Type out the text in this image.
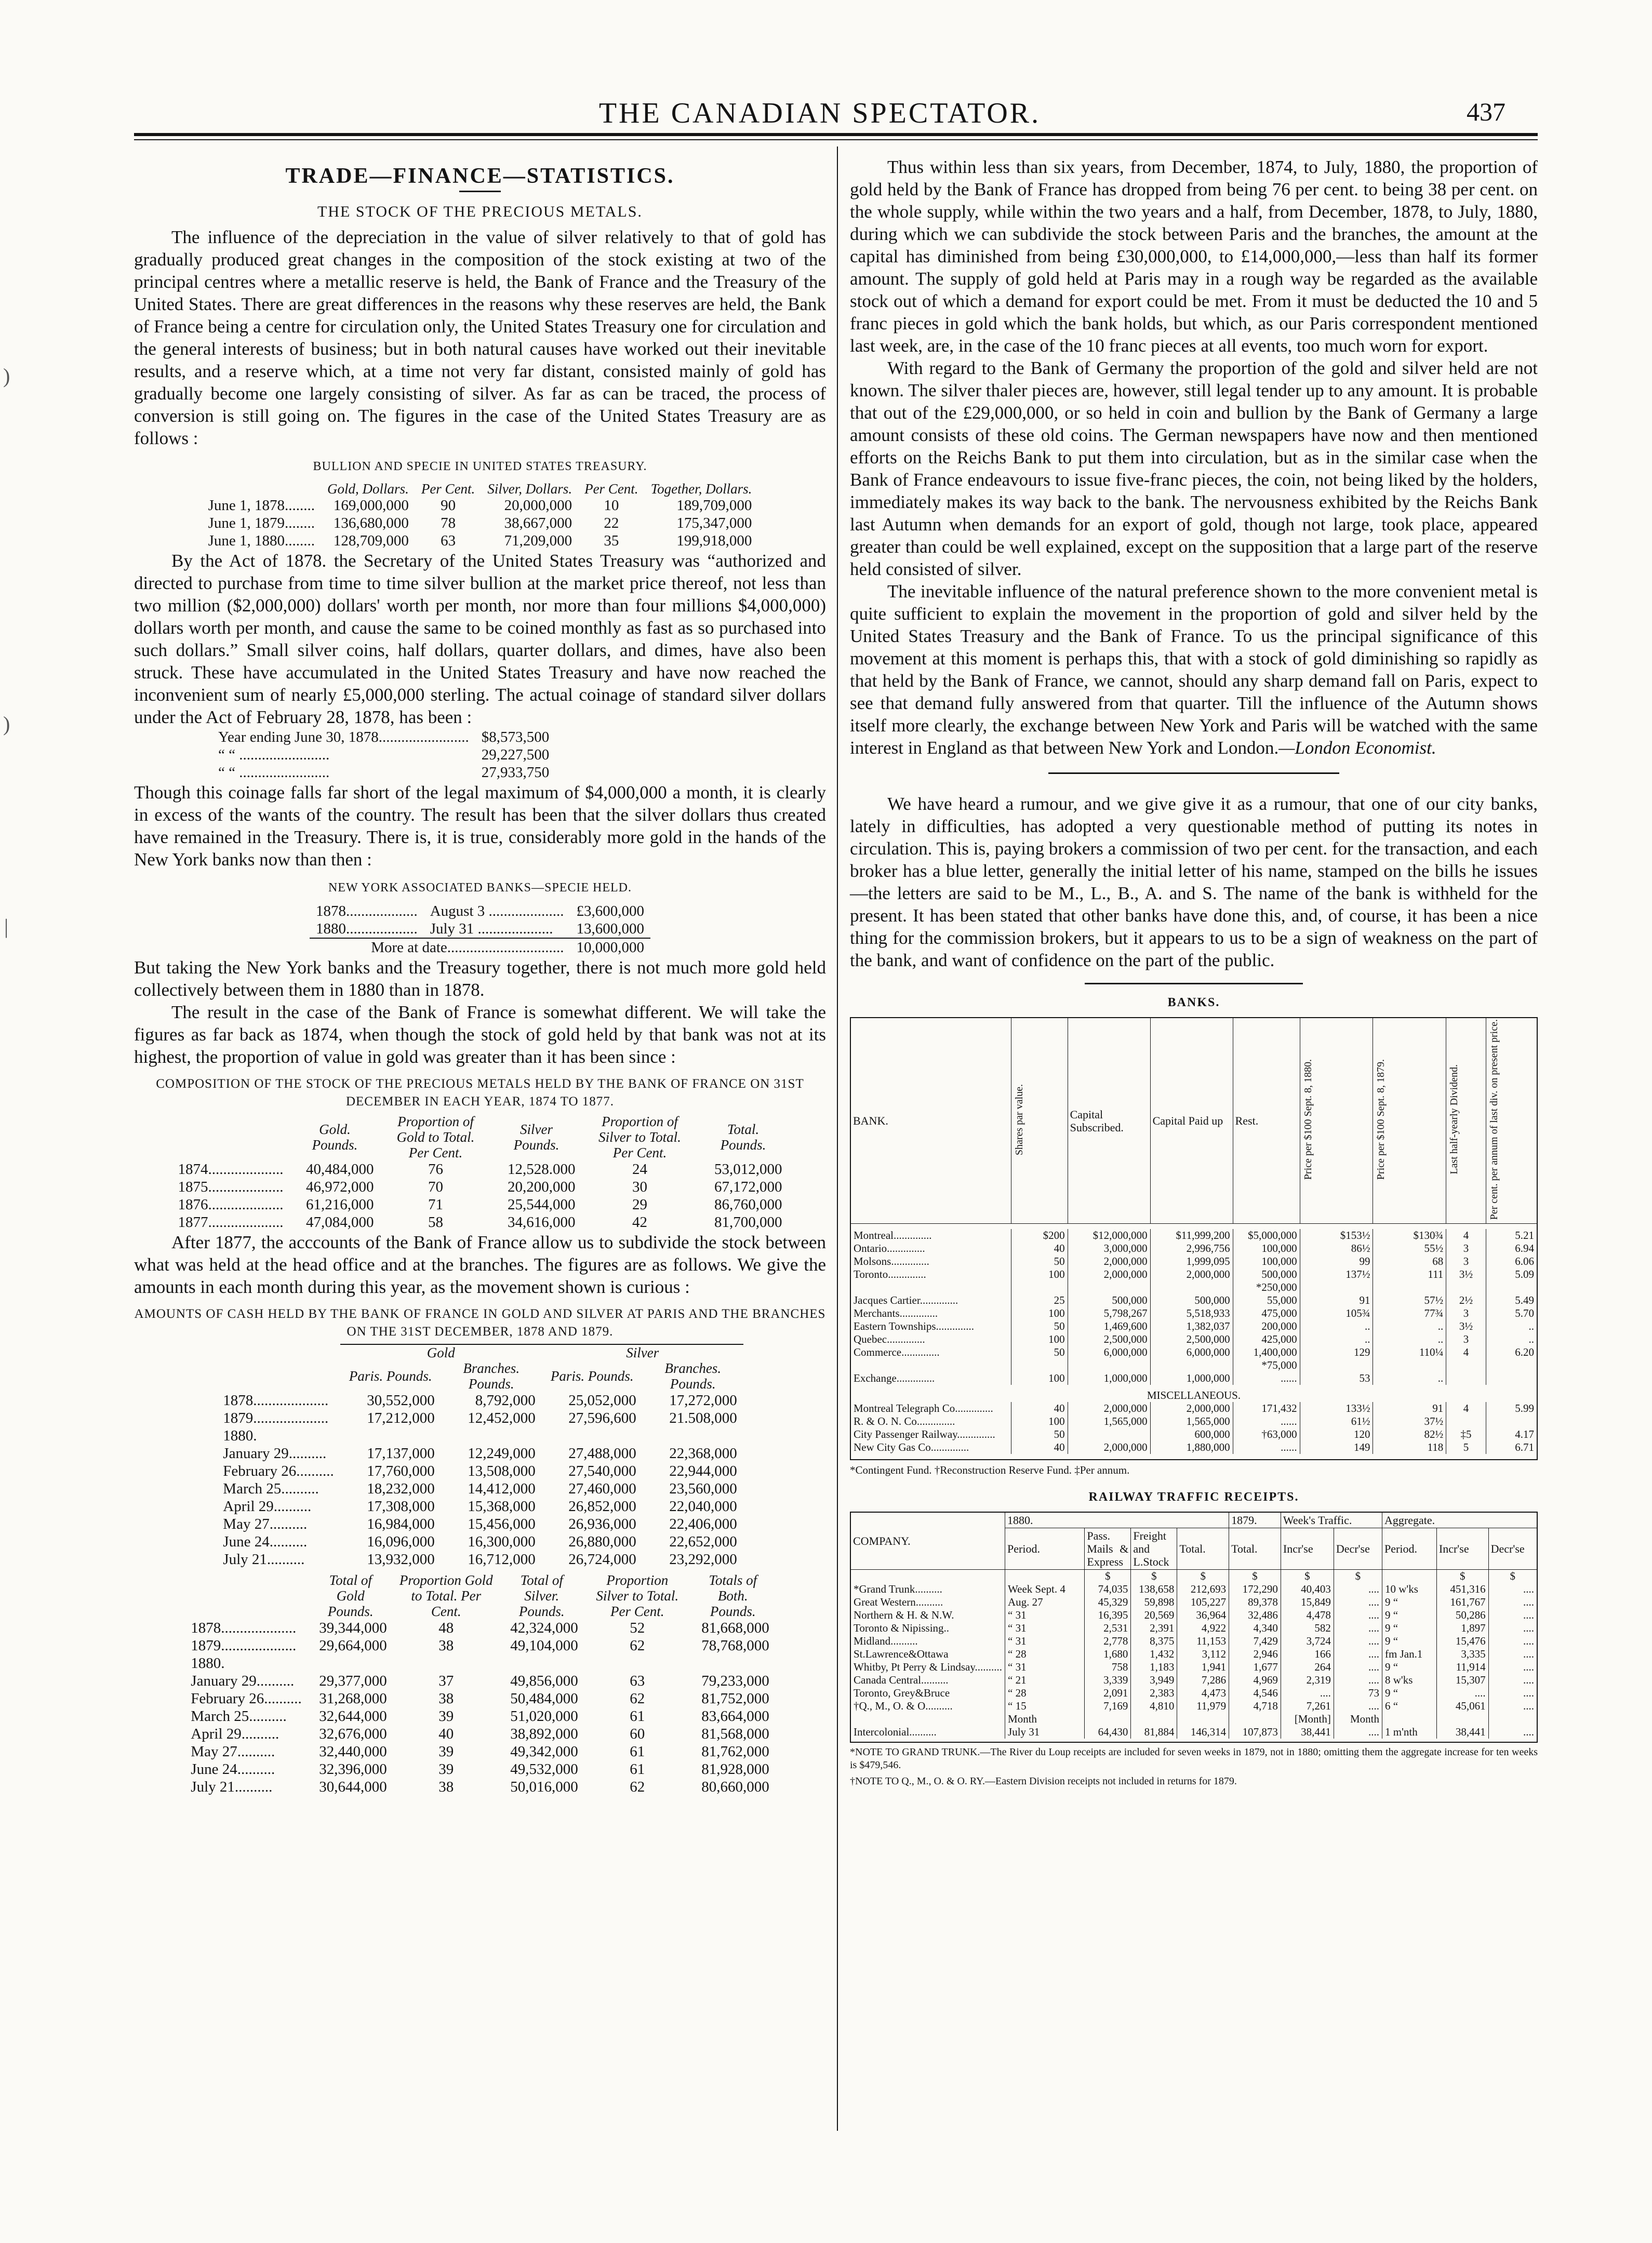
THE CANADIAN SPECTATOR.	437
)
)
|
TRADE—FINANCE—STATISTICS.
THE STOCK OF THE PRECIOUS METALS.

The influence of the depreciation in the value of silver relatively to that of gold has gradually produced great changes in the composition of the stock existing at two of the principal centres where a metallic reserve is held, the Bank of France and the Treasury of the United States. There are great differences in the reasons why these reserves are held, the Bank of France being a centre for circulation only, the United States Treasury one for circulation and the general interests of business; but in both natural causes have worked out their inevitable results, and a reserve which, at a time not very far distant, consisted mainly of gold has gradually become one largely consisting of silver. As far as can be traced, the process of conversion is still going on. The figures in the case of the United States Treasury are as follows :

BULLION AND SPECIE IN UNITED STATES TREASURY.
	Gold, Dollars.	Per Cent.	Silver, Dollars.	Per Cent.	Together, Dollars.
June 1, 1878........	169,000,000	90	20,000,000	10	189,709,000
June 1, 1879........	136,680,000	78	38,667,000	22	175,347,000
June 1, 1880........	128,709,000	63	71,209,000	35	199,918,000

By the Act of 1878. the Secretary of the United States Treasury was “authorized and directed to purchase from time to time silver bullion at the market price thereof, not less than two million ($2,000,000) dollars' worth per month, nor more than four millions $4,000,000) dollars worth per month, and cause the same to be coined monthly as fast as so purchased into such dollars.” Small silver coins, half dollars, quarter dollars, and dimes, have also been struck. These have accumulated in the United States Treasury and have now reached the inconvenient sum of nearly £5,000,000 sterling. The actual coinage of standard silver dollars under the Act of February 28, 1878, has been :

Year ending June 30, 1878........................	$8,573,500
“ “ ........................	29,227,500
“ “ ........................	27,933,750

Though this coinage falls far short of the legal maximum of $4,000,000 a month, it is clearly in excess of the wants of the country. The result has been that the silver dollars thus created have remained in the Treasury. There is, it is true, considerably more gold in the hands of the New York banks now than then :

NEW YORK ASSOCIATED BANKS—SPECIE HELD.
1878...................	August 3 ....................	£3,600,000
1880...................	July 31 ....................	13,600,000
More at date...............................		10,000,000

But taking the New York banks and the Treasury together, there is not much more gold held collectively between them in 1880 than in 1878.

The result in the case of the Bank of France is somewhat different. We will take the figures as far back as 1874, when though the stock of gold held by that bank was not at its highest, the proportion of value in gold was greater than it has been since :

COMPOSITION OF THE STOCK OF THE PRECIOUS METALS HELD BY THE BANK OF FRANCE ON 31ST DECEMBER IN EACH YEAR, 1874 TO 1877.
	Gold. Pounds.	Proportion of Gold to Total. Per Cent.	Silver Pounds.	Proportion of Silver to Total. Per Cent.	Total. Pounds.
1874....................	40,484,000	76	12,528.000	24	53,012,000
1875....................	46,972,000	70	20,200,000	30	67,172,000
1876....................	61,216,000	71	25,544,000	29	86,760,000
1877....................	47,084,000	58	34,616,000	42	81,700,000

After 1877, the acccounts of the Bank of France allow us to subdivide the stock between what was held at the head office and at the branches. The figures are as follows. We give the amounts in each month during this year, as the movement shown is curious :

AMOUNTS OF CASH HELD BY THE BANK OF FRANCE IN GOLD AND SILVER AT PARIS AND THE BRANCHES ON THE 31ST DECEMBER, 1878 AND 1879.
	Gold		Silver	
	Paris. Pounds.	Branches. Pounds.	Paris. Pounds.	Branches. Pounds.
1878....................	30,552,000	8,792,000	25,052,000	17,272,000
1879....................	17,212,000	12,452,000	27,596,600	21.508,000
1880.				
January 29..........	17,137,000	12,249,000	27,488,000	22,368,000
February 26..........	17,760,000	13,508,000	27,540,000	22,944,000
March 25..........	18,232,000	14,412,000	27,460,000	23,560,000
April 29..........	17,308,000	15,368,000	26,852,000	22,040,000
May 27..........	16,984,000	15,456,000	26,936,000	22,406,000
June 24..........	16,096,000	16,300,000	26,880,000	22,652,000
July 21..........	13,932,000	16,712,000	26,724,000	23,292,000
	Total of Gold Pounds.	Proportion Gold to Total. Per Cent.	Total of Silver. Pounds.	Proportion Silver to Total. Per Cent.	Totals of Both. Pounds.
1878....................	39,344,000	48	42,324,000	52	81,668,000
1879....................	29,664,000	38	49,104,000	62	78,768,000
1880.					
January 29..........	29,377,000	37	49,856,000	63	79,233,000
February 26..........	31,268,000	38	50,484,000	62	81,752,000
March 25..........	32,644,000	39	51,020,000	61	83,664,000
April 29..........	32,676,000	40	38,892,000	60	81,568,000
May 27..........	32,440,000	39	49,342,000	61	81,762,000
June 24..........	32,396,000	39	49,532,000	61	81,928,000
July 21..........	30,644,000	38	50,016,000	62	80,660,000

Thus within less than six years, from December, 1874, to July, 1880, the proportion of gold held by the Bank of France has dropped from being 76 per cent. to being 38 per cent. on the whole supply, while within the two years and a half, from December, 1878, to July, 1880, during which we can subdivide the stock between Paris and the branches, the amount at the capital has diminished from being £30,000,000, to £14,000,000,—less than half its former amount. The supply of gold held at Paris may in a rough way be regarded as the available stock out of which a demand for export could be met. From it must be deducted the 10 and 5 franc pieces in gold which the bank holds, but which, as our Paris correspondent mentioned last week, are, in the case of the 10 franc pieces at all events, too much worn for export.

With regard to the Bank of Germany the proportion of the gold and silver held are not known. The silver thaler pieces are, however, still legal tender up to any amount. It is probable that out of the £29,000,000, or so held in coin and bullion by the Bank of Germany a large amount consists of these old coins. The German newspapers have now and then mentioned efforts on the Reichs Bank to put them into circulation, but as in the similar case when the Bank of France endeavours to issue five-franc pieces, the coin, not being liked by the holders, immediately makes its way back to the bank. The nervousness exhibited by the Reichs Bank last Autumn when demands for an export of gold, though not large, took place, appeared greater than could be well explained, except on the supposition that a large part of the reserve held consisted of silver.

The inevitable influence of the natural preference shown to the more convenient metal is quite sufficient to explain the movement in the proportion of gold and silver held by the United States Treasury and the Bank of France. To us the principal significance of this movement at this moment is perhaps this, that with a stock of gold diminishing so rapidly as that held by the Bank of France, we cannot, should any sharp demand fall on Paris, expect to see that demand fully answered from that quarter. Till the influence of the Autumn shows itself more clearly, the exchange between New York and Paris will be watched with the same interest in England as that between New York and London.—London Economist.

We have heard a rumour, and we give give it as a rumour, that one of our city banks, lately in difficulties, has adopted a very questionable method of putting its notes in circulation. This is, paying brokers a commission of two per cent. for the transaction, and each broker has a blue letter, generally the initial letter of his name, stamped on the bills he issues—the letters are said to be M., L., B., A. and S. The name of the bank is withheld for the present. It has been stated that other banks have done this, and, of course, it has been a nice thing for the commission brokers, but it appears to us to be a sign of weakness on the part of the bank, and want of confidence on the part of the public.

BANKS.
BANK.	Shares par value.	Capital Subscribed.	Capital Paid up	Rest.	Price per $100 Sept. 8, 1880.	Price per $100 Sept. 8, 1879.	Last half-yearly Dividend.	Per cent. per annum of last div. on present price.

Montreal..............	$200	$12,000,000	$11,999,200	$5,000,000	$153½	$130¾	4	5.21
Ontario..............	40	3,000,000	2,996,756	100,000	86½	55½	3	6.94
Molsons..............	50	2,000,000	1,999,095	100,000	99	68	3	6.06
Toronto..............	100	2,000,000	2,000,000	500,000	137½	111	3½	5.09
				*250,000				
Jacques Cartier..............	25	500,000	500,000	55,000	91	57½	2½	5.49
Merchants..............	100	5,798,267	5,518,933	475,000	105¾	77¾	3	5.70
Eastern Townships..............	50	1,469,600	1,382,037	200,000	..	..	3½	..
Quebec..............	100	2,500,000	2,500,000	425,000	..	..	3	..
Commerce..............	50	6,000,000	6,000,000	1,400,000	129	110¼	4	6.20
				*75,000				
Exchange..............	100	1,000,000	1,000,000	......	53	..		
MISCELLANEOUS.								
Montreal Telegraph Co..............	40	2,000,000	2,000,000	171,432	133½	91	4	5.99
R. & O. N. Co..............	100	1,565,000	1,565,000	......	61½	37½		
City Passenger Railway..............	50		600,000	†63,000	120	82½	‡5	4.17
New City Gas Co..............	40	2,000,000	1,880,000	......	149	118	5	6.71

*Contingent Fund. †Reconstruction Reserve Fund. ‡Per annum.
RAILWAY TRAFFIC RECEIPTS.
COMPANY.	1880.				1879.	Week's Traffic.		Aggregate.		
	Period.	Pass. Mails & Express	Freight and L.Stock	Total.	Total.	Incr'se	Decr'se	Period.	Incr'se	Decr'se
		$	$	$	$	$	$		$	$
*Grand Trunk..........	Week Sept. 4	74,035	138,658	212,693	172,290	40,403	....	10 w'ks	451,316	....
Great Western..........	Aug. 27	45,329	59,898	105,227	89,378	15,849	....	9 “	161,767	....
Northern & H. & N.W.	“ 31	16,395	20,569	36,964	32,486	4,478	....	9 “	50,286	....
Toronto & Nipissing..	“ 31	2,531	2,391	4,922	4,340	582	....	9 “	1,897	....
Midland..........	“ 31	2,778	8,375	11,153	7,429	3,724	....	9 “	15,476	....
St.Lawrence&Ottawa	“ 28	1,680	1,432	3,112	2,946	166	....	fm Jan.1	3,335	....
Whitby, Pt Perry & Lindsay..........	“ 31	758	1,183	1,941	1,677	264	....	9 “	11,914	....
Canada Central..........	“ 21	3,339	3,949	7,286	4,969	2,319	....	8 w'ks	15,307	....
Toronto, Grey&Bruce	“ 28	2,091	2,383	4,473	4,546	....	73	9 “	....	....
†Q., M., O. & O..........	“ 15	7,169	4,810	11,979	4,718	7,261	....	6 “	45,061	....
	Month					[Month]	Month			
Intercolonial..........	July 31	64,430	81,884	146,314	107,873	38,441	....	1 m'nth	38,441	....

*NOTE TO GRAND TRUNK.—The River du Loup receipts are included for seven weeks in 1879, not in 1880; omitting them the aggregate increase for ten weeks is $479,546.
†NOTE TO Q., M., O. & O. RY.—Eastern Division receipts not included in returns for 1879.
